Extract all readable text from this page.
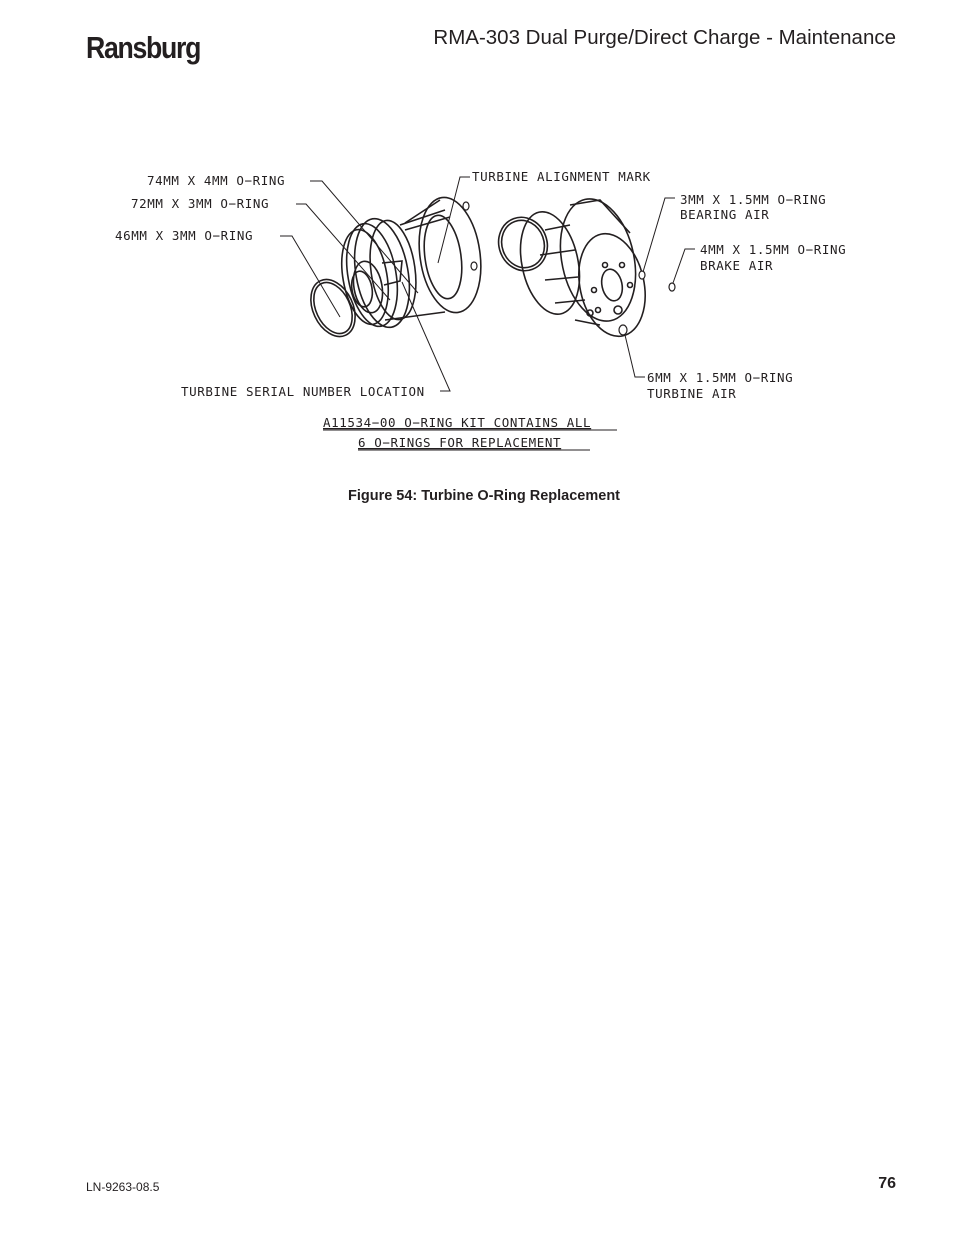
Ransburg	RMA-303 Dual Purge/Direct Charge - Maintenance
74MM X 4MM O−RING
72MM X 3MM O−RING
46MM X 3MM O−RING
TURBINE ALIGNMENT MARK
3MM X 1.5MM O−RING
BEARING AIR
4MM X 1.5MM O−RING
BRAKE AIR
6MM X 1.5MM O−RING
TURBINE AIR
TURBINE SERIAL NUMBER LOCATION
A11534−00 O−RING KIT CONTAINS ALL
6 O−RINGS FOR REPLACEMENT
Figure 54: Turbine O-Ring Replacement
LN-9263-08.5	76
